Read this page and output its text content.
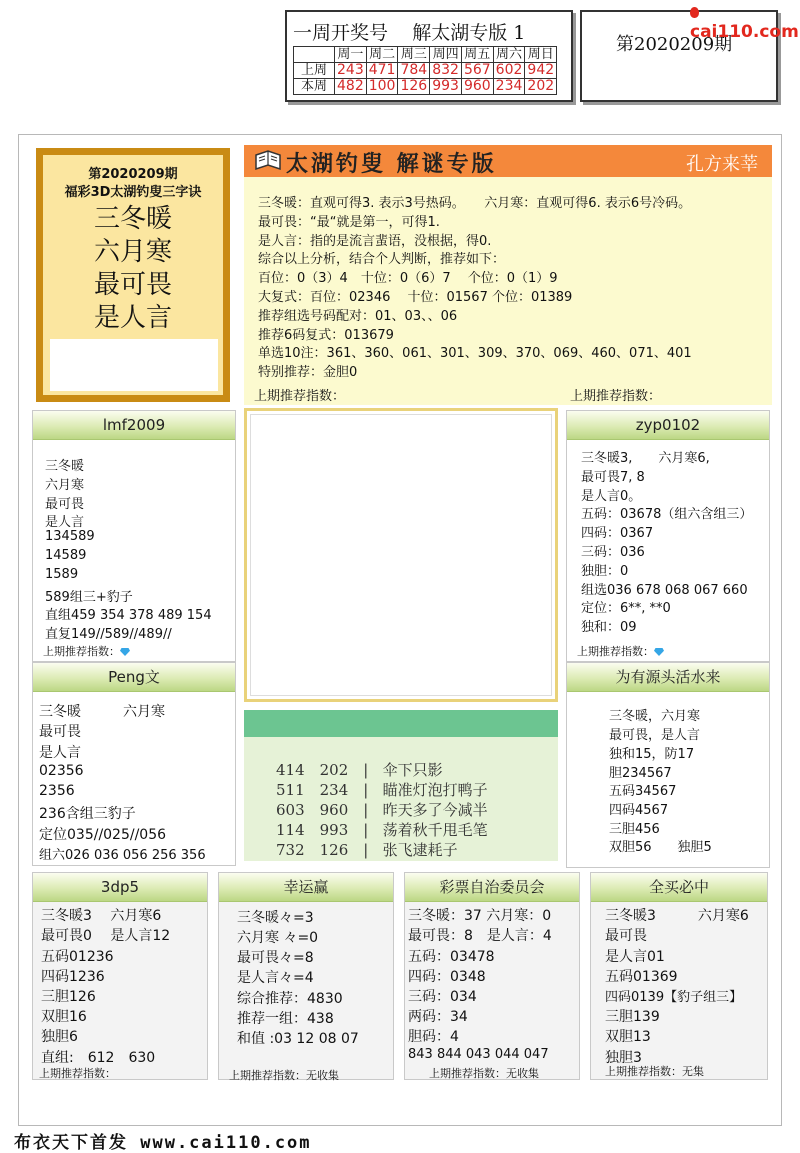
一周开奖号 解太湖专版 1
	周一	周二	周三	周四	周五	周六	周日
上周	243	471	784	832	567	602	942
本周	482	100	126	993	960	234	202
第2020209期
cai110.com
第2020209期
福彩3D太湖钓叟三字诀
三冬暖
六月寒
最可畏
是人言
太湖钓叟 解谜专版	孔方来莘
三冬暖：直观可得3. 表示3号热码。　　六月寒：直观可得6. 表示6号冷码。
最可畏：“最“就是第一，可得1.
是人言：指的是流言蜚语，没根据，得0.
综合以上分析，结合个人判断，推荐如下：
百位：0（3）4　十位：0（6）7　 个位：0（1）9
大复式：百位：02346　 十位：01567 个位：01389
推荐组选号码配对：01、03、、06
推荐6码复式：013679
单选10注：361、360、061、301、309、370、069、460、071、401
特别推荐：金胆0
上期推荐指数：	上期推荐指数：
lmf2009
三冬暖
六月寒
最可畏
是人言
134589
14589
1589
589组三+豹子
直组459 354 378 489 154
直复149//589//489//
上期推荐指数：
zyp0102
三冬暖3,　　六月寒6,
最可畏7, 8
是人言0。
五码：03678（组六含组三）
四码：0367
三码：036
独胆：0
组选036 678 068 067 660
定位：6**, **0
独和：09
上期推荐指数：
Peng文
三冬暖　　　六月寒
最可畏
是人言
02356
2356
236含组三豹子
定位035//025//056
组六026 036 056 256 356
414　202　| 伞下只影
511　234　| 瞄准灯泡打鸭子
603　960　| 昨天多了今减半
114　993　| 荡着秋千甩毛笔
732　126　| 张飞逮耗子
为有源头活水来
三冬暖，六月寒
最可畏，是人言
独和15，防17
胆234567
五码34567
四码4567
三胆456
双胆56　　独胆5
3dp5
三冬暖3　 六月寒6
最可畏0　 是人言12
五码01236
四码1236
三胆126
双胆16
独胆6
直组:　612　630
上期推荐指数：
幸运赢
三冬暖々=3
六月寒 々=0
最可畏々=8
是人言々=4
综合推荐：4830
推荐一组：438
和值 :03 12 08 07
上期推荐指数：无收集
彩票自治委员会
三冬暖：37 六月寒：0
最可畏：8　是人言：4
五码：03478
四码：0348
三码：034
两码：34
胆码：4
843 844 043 044 047
上期推荐指数：无收集
全买必中
三冬暖3　　　六月寒6
最可畏
是人言01
五码01369
四码0139【豹子组三】
三胆139
双胆13
独胆3
上期推荐指数：无集
布衣天下首发 www.cai110.com
